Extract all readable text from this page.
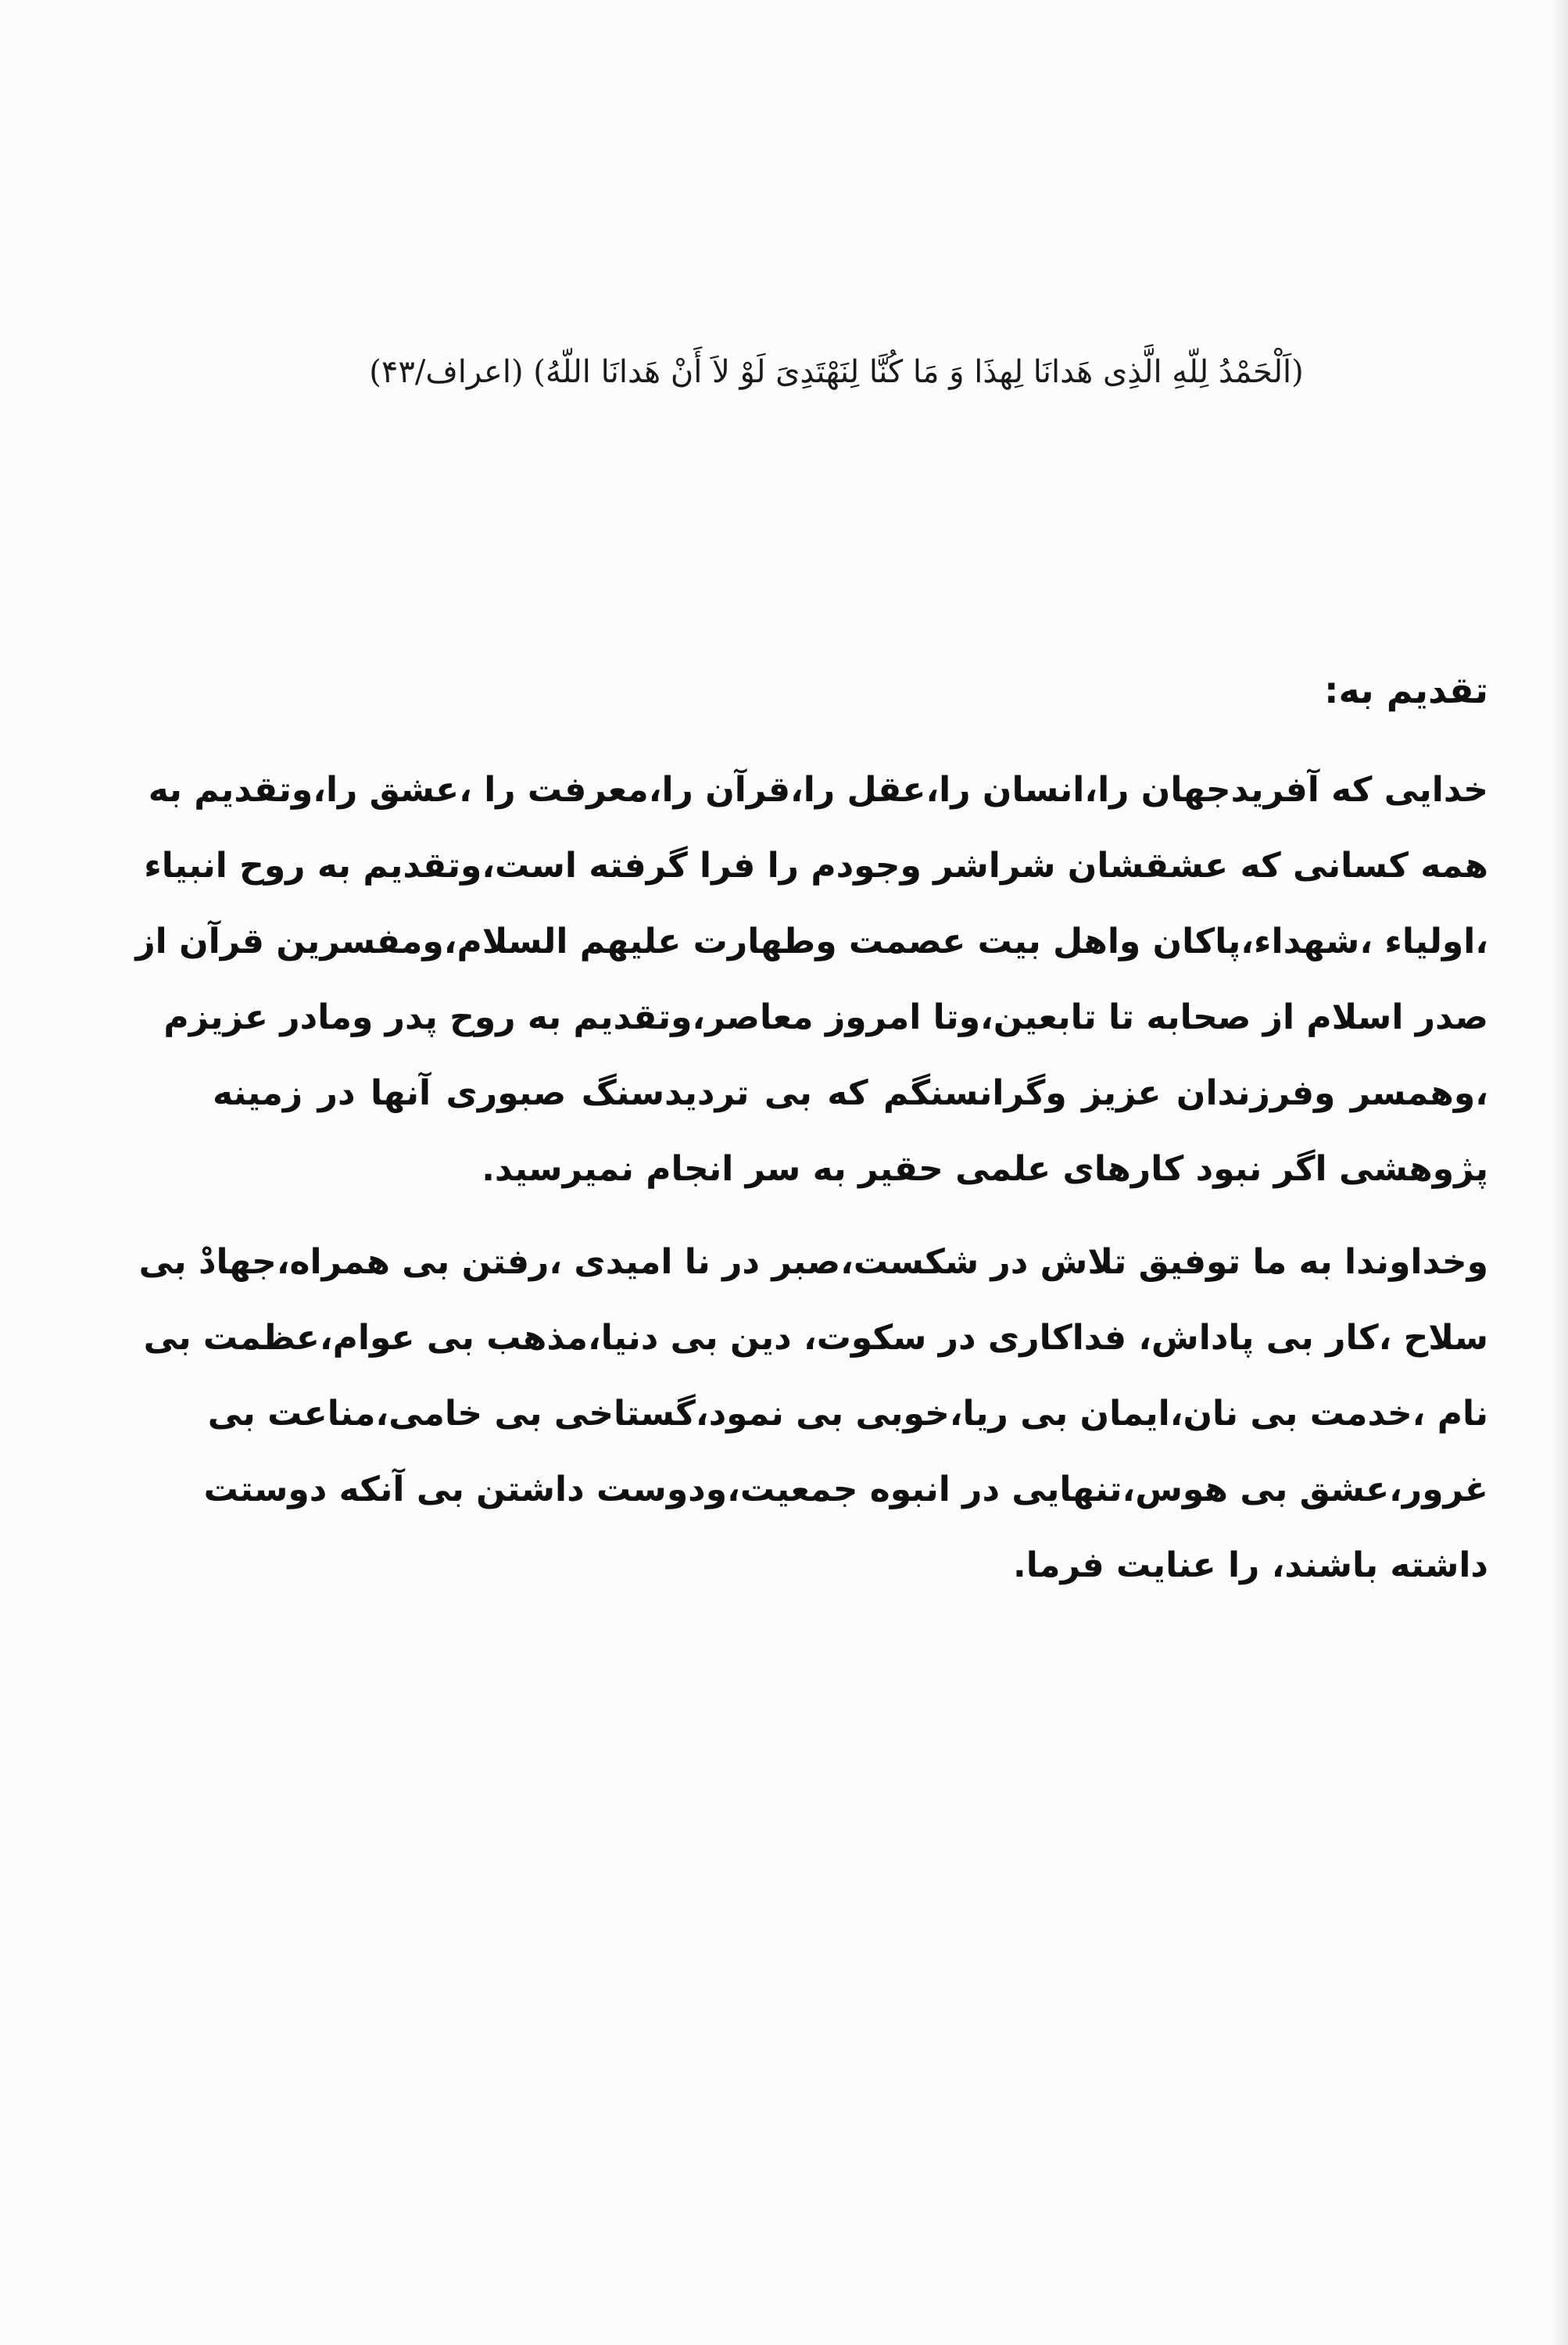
(اَلْحَمْدُ لِلّهِ الَّذِی هَدانَا لِهذَا وَ مَا كُنَّا لِنَهْتَدِیَ لَوْ لاَ أَنْ هَدانَا اللّهُ) (اعراف/۴۳)
تقدیم به:
خدایی که آفریدجهان را،انسان را،عقل را،قرآن را،معرفت را ،عشق را،وتقدیم به
همه کسانی که عشقشان شراشر وجودم را فرا گرفته است،وتقدیم به روح انبیاء
،اولیاء ،شهداء،پاکان واهل بیت عصمت وطهارت علیهم السلام،ومفسرین قرآن از
صدر اسلام از صحابه تا تابعین،وتا امروز معاصر،وتقدیم به روح پدر ومادر عزیزم
،وهمسر وفرزندان عزیز وگرانسنگم که بی تردیدسنگ صبوری آنها در زمینه
پژوهشی اگر نبود کارهای علمی حقیر به سر انجام نمیرسید.
وخداوندا به ما توفیق تلاش در شکست،صبر در نا امیدی ،رفتن بی همراه،جهادْ بی
سلاح ،کار بی پاداش، فداکاری در سکوت، دین بی دنیا،مذهب بی عوام،عظمت بی
نام ،خدمت بی نان،ایمان بی ریا،خوبی بی نمود،گستاخی بی خامی،مناعت بی
غرور،عشق بی هوس،تنهایی در انبوه جمعیت،ودوست داشتن بی آنکه دوستت
داشته باشند، را عنایت فرما.
